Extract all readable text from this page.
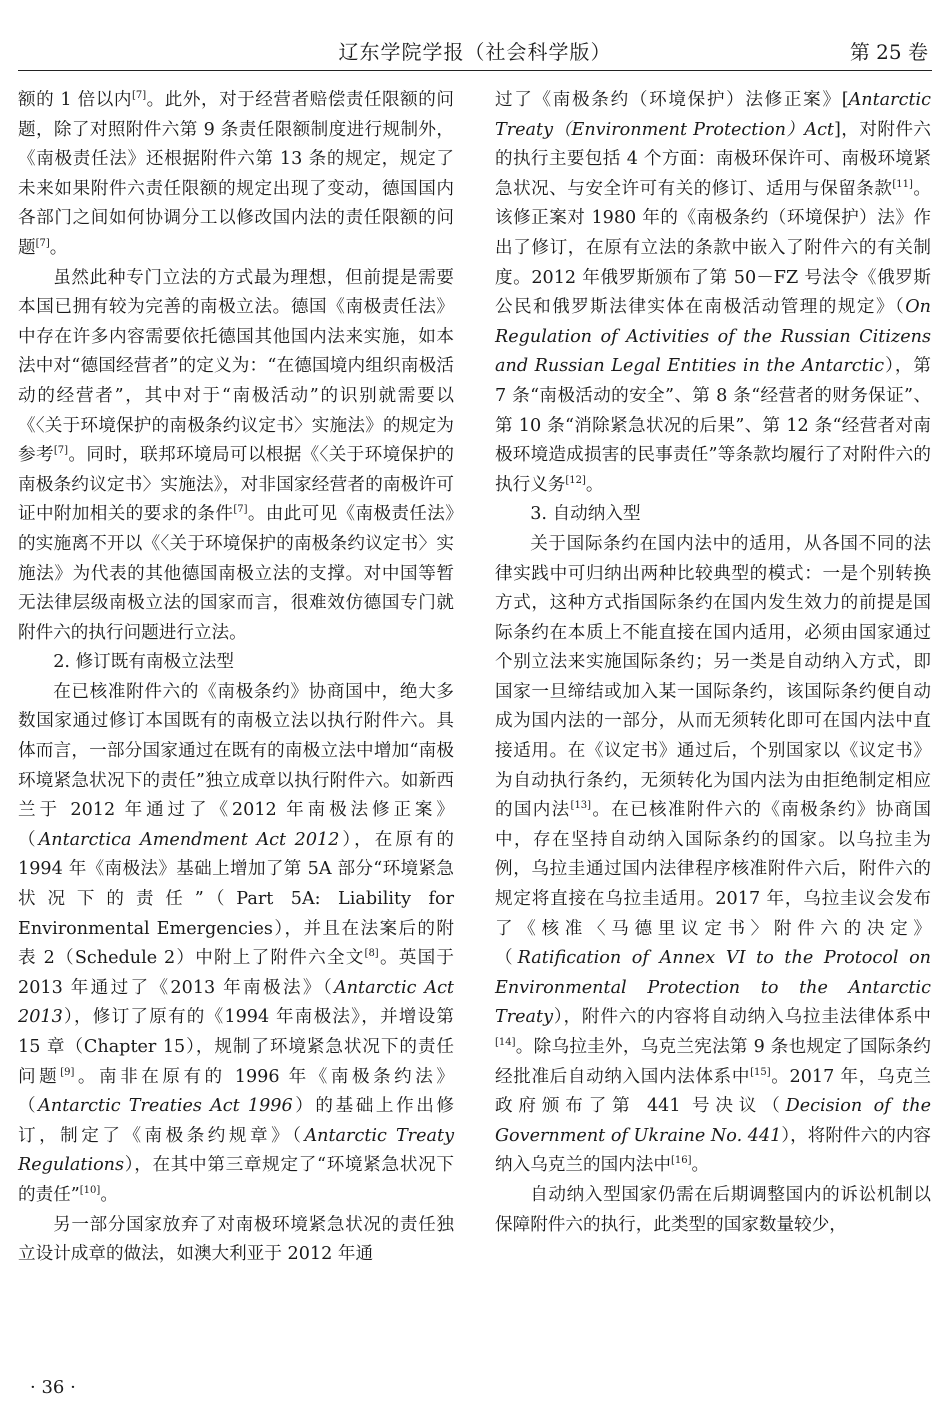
辽东学院学报（社会科学版）	第 25 卷

额的 1 倍以内[7]。此外，对于经营者赔偿责任限额的问题，除了对照附件六第 9 条责任限额制度进行规制外，《南极责任法》还根据附件六第 13 条的规定，规定了未来如果附件六责任限额的规定出现了变动，德国国内各部门之间如何协调分工以修改国内法的责任限额的问题[7]。

虽然此种专门立法的方式最为理想，但前提是需要本国已拥有较为完善的南极立法。德国《南极责任法》中存在许多内容需要依托德国其他国内法来实施，如本法中对“德国经营者”的定义为：“在德国境内组织南极活动的经营者”，其中对于“南极活动”的识别就需要以《〈关于环境保护的南极条约议定书〉实施法》的规定为参考[7]。同时，联邦环境局可以根据《〈关于环境保护的南极条约议定书〉实施法》，对非国家经营者的南极许可证中附加相关的要求的条件[7]。由此可见《南极责任法》的实施离不开以《〈关于环境保护的南极条约议定书〉实施法》为代表的其他德国南极立法的支撑。对中国等暂无法律层级南极立法的国家而言，很难效仿德国专门就附件六的执行问题进行立法。

2. 修订既有南极立法型

在已核准附件六的《南极条约》协商国中，绝大多数国家通过修订本国既有的南极立法以执行附件六。具体而言，一部分国家通过在既有的南极立法中增加“南极环境紧急状况下的责任”独立成章以执行附件六。如新西兰于 2012 年通过了《2012 年南极法修正案》（Antarctica Amendment Act 2012），在原有的 1994 年《南极法》基础上增加了第 5A 部分“环境紧急状况下的责任”（Part 5A: Liability for Environmental Emergencies），并且在法案后的附表 2（Schedule 2）中附上了附件六全文[8]。英国于 2013 年通过了《2013 年南极法》（Antarctic Act 2013），修订了原有的《1994 年南极法》，并增设第 15 章（Chapter 15），规制了环境紧急状况下的责任问题[9]。南非在原有的 1996 年《南极条约法》（Antarctic Treaties Act 1996）的基础上作出修订，制定了《南极条约规章》（Antarctic Treaty Regulations），在其中第三章规定了“环境紧急状况下的责任”[10]。

另一部分国家放弃了对南极环境紧急状况的责任独立设计成章的做法，如澳大利亚于 2012 年通

过了《南极条约（环境保护）法修正案》[Antarctic Treaty（Environment Protection）Act]，对附件六的执行主要包括 4 个方面：南极环保许可、南极环境紧急状况、与安全许可有关的修订、适用与保留条款[11]。该修正案对 1980 年的《南极条约（环境保护）法》作出了修订，在原有立法的条款中嵌入了附件六的有关制度。2012 年俄罗斯颁布了第 50－FZ 号法令《俄罗斯公民和俄罗斯法律实体在南极活动管理的规定》（On Regulation of Activities of the Russian Citizens and Russian Legal Entities in the Antarctic），第 7 条“南极活动的安全”、第 8 条“经营者的财务保证”、第 10 条“消除紧急状况的后果”、第 12 条“经营者对南极环境造成损害的民事责任”等条款均履行了对附件六的执行义务[12]。

3. 自动纳入型

关于国际条约在国内法中的适用，从各国不同的法律实践中可归纳出两种比较典型的模式：一是个别转换方式，这种方式指国际条约在国内发生效力的前提是国际条约在本质上不能直接在国内适用，必须由国家通过个别立法来实施国际条约；另一类是自动纳入方式，即国家一旦缔结或加入某一国际条约，该国际条约便自动成为国内法的一部分，从而无须转化即可在国内法中直接适用。在《议定书》通过后，个别国家以《议定书》为自动执行条约，无须转化为国内法为由拒绝制定相应的国内法[13]。在已核准附件六的《南极条约》协商国中，存在坚持自动纳入国际条约的国家。以乌拉圭为例，乌拉圭通过国内法律程序核准附件六后，附件六的规定将直接在乌拉圭适用。2017 年，乌拉圭议会发布了《核准〈马德里议定书〉附件六的决定》（Ratification of Annex VI to the Protocol on Environmental Protection to the Antarctic Treaty），附件六的内容将自动纳入乌拉圭法律体系中[14]。除乌拉圭外，乌克兰宪法第 9 条也规定了国际条约经批准后自动纳入国内法体系中[15]。2017 年，乌克兰政府颁布了第 441 号决议（Decision of the Government of Ukraine No. 441），将附件六的内容纳入乌克兰的国内法中[16]。

自动纳入型国家仍需在后期调整国内的诉讼机制以保障附件六的执行，此类型的国家数量较少，

· 36 ·
